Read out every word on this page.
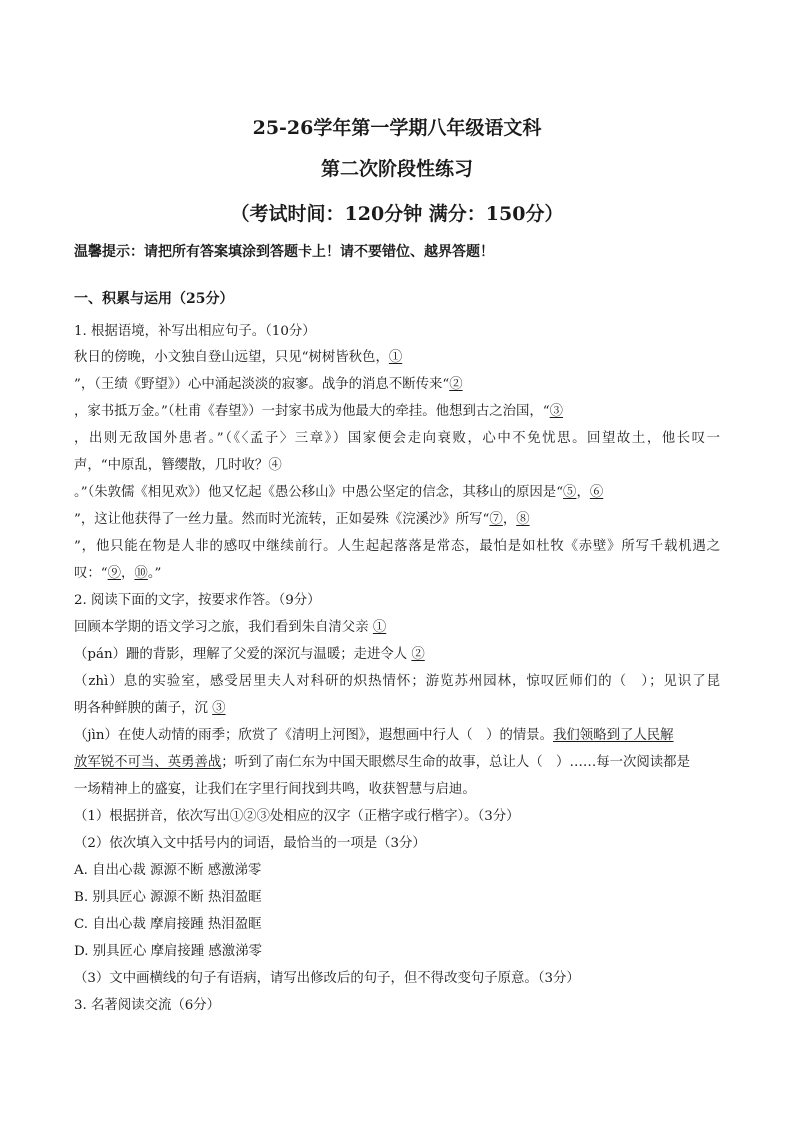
25-26学年第一学期八年级语文科
第二次阶段性练习
（考试时间：120分钟 满分：150分）
温馨提示：请把所有答案填涂到答题卡上！请不要错位、越界答题！
一、积累与运用（25分）
1. 根据语境，补写出相应句子。（10分）
秋日的傍晚，小文独自登山远望，只见“树树皆秋色，①
”，（王绩《野望》）心中涌起淡淡的寂寥。战争的消息不断传来“②
，家书抵万金。”（杜甫《春望》）一封家书成为他最大的牵挂。他想到古之治国，“③
，出则无敌国外患者。”（《〈孟子〉三章》）国家便会走向衰败，心中不免忧思。回望故土，他长叹一
声，“中原乱，簪缨散，几时收？④
。”（朱敦儒《相见欢》）他又忆起《愚公移山》中愚公坚定的信念，其移山的原因是“⑤，⑥
”，这让他获得了一丝力量。然而时光流转，正如晏殊《浣溪沙》所写“⑦，⑧
”，他只能在物是人非的感叹中继续前行。人生起起落落是常态，最怕是如杜牧《赤壁》所写千载机遇之
叹：“⑨，⑩。”
2. 阅读下面的文字，按要求作答。（9分）
回顾本学期的语文学习之旅，我们看到朱自清父亲 ①
（pán）跚的背影，理解了父爱的深沉与温暖；走进令人 ②
（zhì）息的实验室，感受居里夫人对科研的炽热情怀；游览苏州园林，惊叹匠师们的（　）；见识了昆
明各种鲜腴的菌子，沉 ③
（jìn）在使人动情的雨季；欣赏了《清明上河图》，遐想画中行人（　）的情景。我们领略到了人民解
放军锐不可当、英勇善战；听到了南仁东为中国天眼燃尽生命的故事，总让人（　）……每一次阅读都是
一场精神上的盛宴，让我们在字里行间找到共鸣，收获智慧与启迪。
（1）根据拼音，依次写出①②③处相应的汉字（正楷字或行楷字）。（3分）
（2）依次填入文中括号内的词语，最恰当的一项是（3分）
A. 自出心裁 源源不断 感激涕零
B. 别具匠心 源源不断 热泪盈眶
C. 自出心裁 摩肩接踵 热泪盈眶
D. 别具匠心 摩肩接踵 感激涕零
（3）文中画横线的句子有语病，请写出修改后的句子，但不得改变句子原意。（3分）
3. 名著阅读交流（6分）
